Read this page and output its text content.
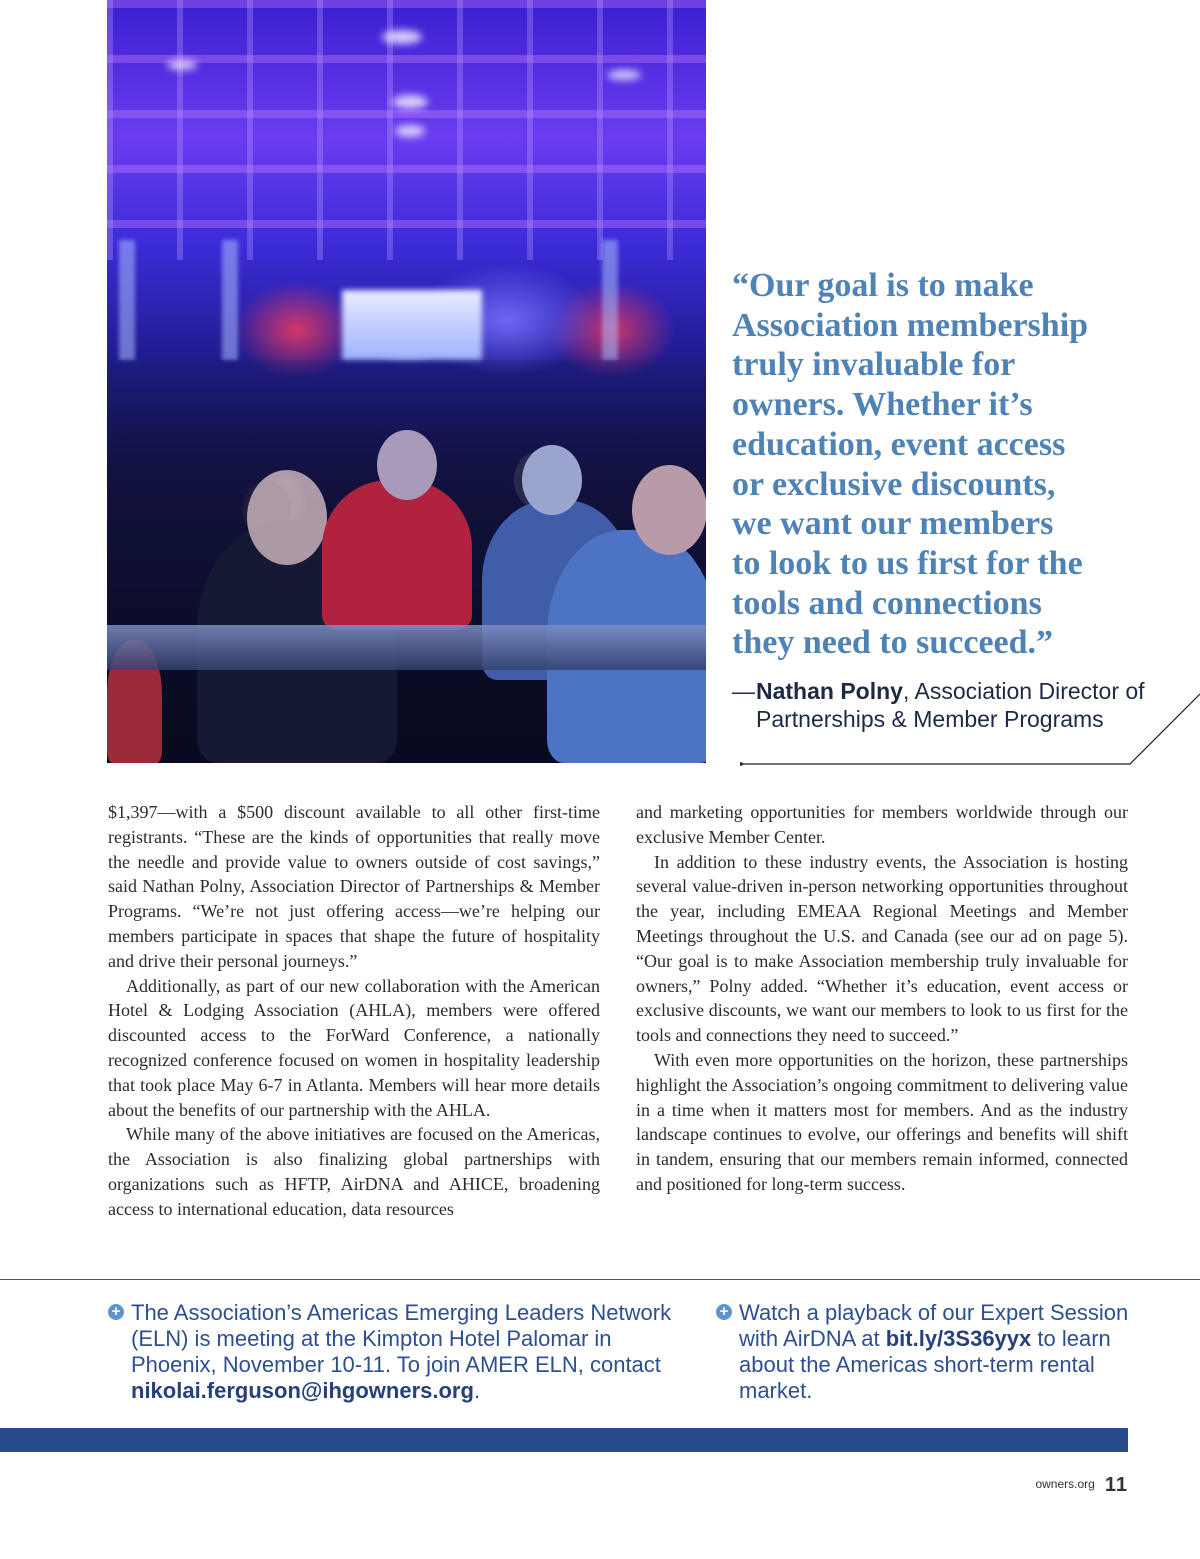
“Our goal is to make
Association membership
truly invaluable for
owners. Whether it’s
education, event access
or exclusive discounts,
we want our members
to look to us first for the
tools and connections
they need to succeed.”

—Nathan Polny, Association Director of
Partnerships & Member Programs

$1,397—with a $500 discount available to all other first-time registrants. “These are the kinds of opportunities that really move the needle and provide value to owners outside of cost savings,” said Nathan Polny, Association Director of Partnerships & Member Programs. “We’re not just offering access—we’re helping our members participate in spaces that shape the future of hospitality and drive their personal journeys.”

Additionally, as part of our new collaboration with the American Hotel & Lodging Association (AHLA), members were offered discounted access to the ForWard Conference, a nationally recognized conference focused on women in hospitality leadership that took place May 6-7 in Atlanta. Members will hear more details about the benefits of our partnership with the AHLA.

While many of the above initiatives are focused on the Americas, the Association is also finalizing global partnerships with organizations such as HFTP, AirDNA and AHICE, broadening access to international education, data resources

and marketing opportunities for members worldwide through our exclusive Member Center.

In addition to these industry events, the Association is hosting several value-driven in-person networking opportunities throughout the year, including EMEAA Regional Meetings and Member Meetings throughout the U.S. and Canada (see our ad on page 5). “Our goal is to make Association membership truly invaluable for owners,” Polny added. “Whether it’s education, event access or exclusive discounts, we want our members to look to us first for the tools and connections they need to succeed.”

With even more opportunities on the horizon, these partnerships highlight the Association’s ongoing commitment to delivering value in a time when it matters most for members. And as the industry landscape continues to evolve, our offerings and benefits will shift in tandem, ensuring that our members remain informed, connected and positioned for long-term success.

+ The Association’s Americas Emerging Leaders Network (ELN) is meeting at the Kimpton Hotel Palomar in Phoenix, November 10-11. To join AMER ELN, contact nikolai.ferguson@ihgowners.org.
+ Watch a playback of our Expert Session with AirDNA at bit.ly/3S36yyx to learn about the Americas short-term rental market.
owners.org 11
